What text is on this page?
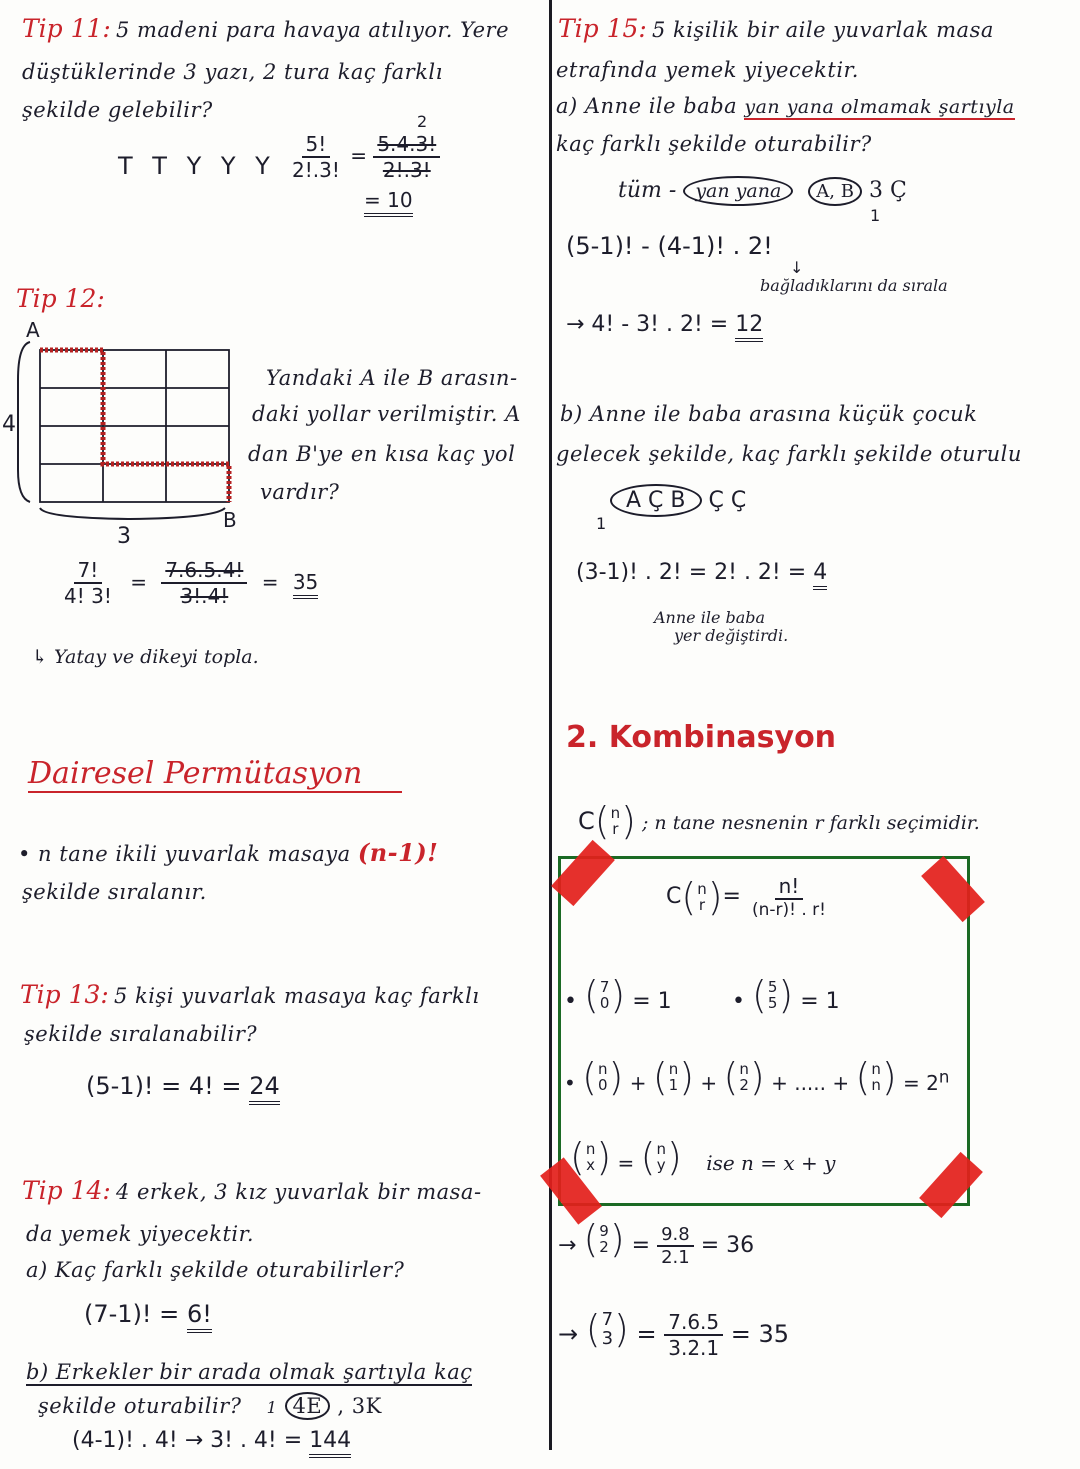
Tip 11: 5 madeni para havaya atılıyor. Yere
düştüklerinde 3 yazı, 2 tura kaç farklı
şekilde gelebilir?
T T Y Y Y $\frac{5!}{2!.3!} = \frac{5.4.3!}{2!.3!}$
2
= 10
Tip 12:
A
B
4
3
Yandaki A ile B arasın-
daki yollar verilmiştir. A
dan B'ye en kısa kaç yol
vardır?
$\frac{7!}{4! 3!} = \frac{7.6.5.4!}{3!.4!} = 35$
↳ Yatay ve dikeyi topla.
Dairesel Permütasyon
• n tane ikili yuvarlak masaya (n-1)!
şekilde sıralanır.
Tip 13: 5 kişi yuvarlak masaya kaç farklı
şekilde sıralanabilir?
(5-1)! = 4! = 24
Tip 14: 4 erkek, 3 kız yuvarlak bir masa-
da yemek yiyecektir.
a) Kaç farklı şekilde oturabilirler?
(7-1)! = 6!
b) Erkekler bir arada olmak şartıyla kaç
şekilde oturabilir? 1 4E , 3K
(4-1)! . 4! → 3! . 4! = 144
Tip 15: 5 kişilik bir aile yuvarlak masa
etrafında yemek yiyecektir.
a) Anne ile baba yan yana olmamak şartıyla
kaç farklı şekilde oturabilir?
tüm - yan yana A, B 3 Ç
1
(5-1)! - (4-1)! . 2!
↓
bağladıklarını da sırala
→ 4! - 3! . 2! = 12
b) Anne ile baba arasına küçük çocuk
gelecek şekilde, kaç farklı şekilde oturulu
A Ç B Ç Ç
1
(3-1)! . 2! = 2! . 2! = 4
Anne ile baba
yer değiştirdi.
2. Kombinasyon
C ( n
r ) ; n tane nesnenin r farklı seçimidir.
C ( n
r ) = $\frac{n!}{(n-r)! . r!}$
• ( 7
0 ) = 1	• ( 5
5 ) = 1
• ( n
0 ) + ( n
1 ) + ( n
2 ) + ..... + ( n
n ) = $2^n$
( n
x ) = ( n
y ) ise n = x + y
→ ( 9
2 ) = $\frac{9.8}{2.1} = 36$
→ ( 7
3 ) = $\frac{7.6.5}{3.2.1} = 35$
